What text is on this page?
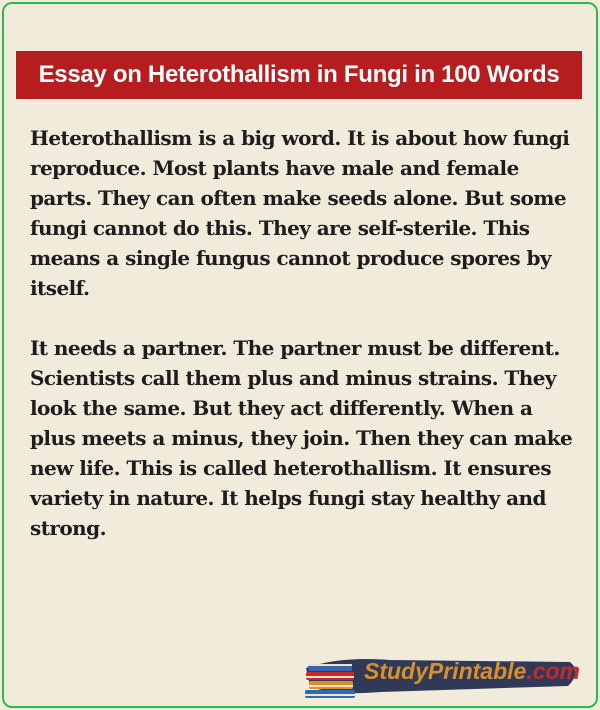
Essay on Heterothallism in Fungi in 100 Words

Heterothallism is a big word. It is about how fungi reproduce. Most plants have male and female parts. They can often make seeds alone. But some fungi cannot do this. They are self-sterile. This means a single fungus cannot produce spores by itself.

It needs a partner. The partner must be different. Scientists call them plus and minus strains. They look the same. But they act differently. When a plus meets a minus, they join. Then they can make new life. This is called heterothallism. It ensures variety in nature. It helps fungi stay healthy and strong.

StudyPrintable.com
